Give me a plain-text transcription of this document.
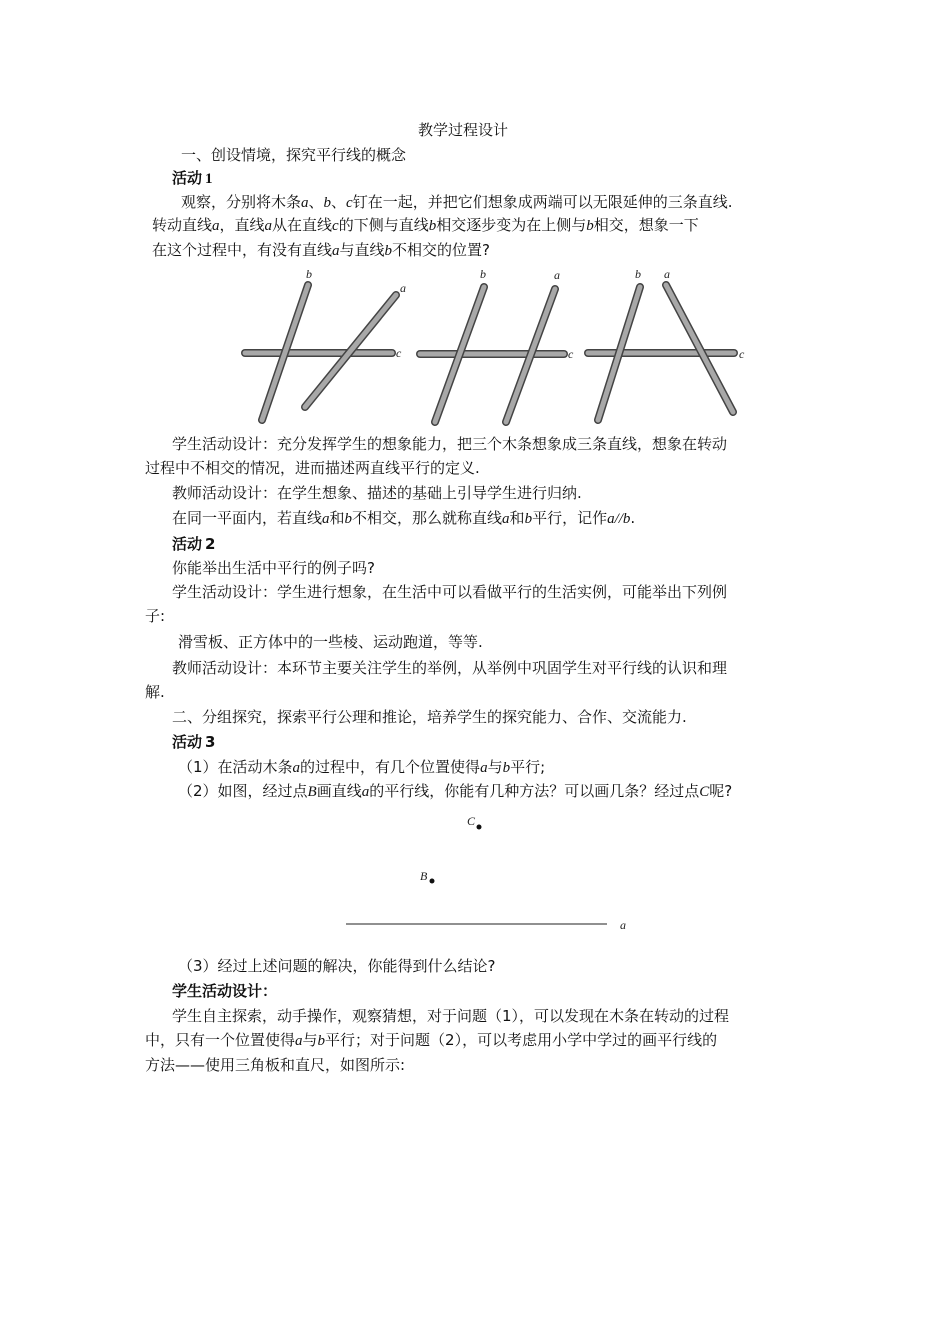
教学过程设计
一、创设情境，探究平行线的概念
活动 1
观察，分别将木条a、b、c钉在一起，并把它们想象成两端可以无限延伸的三条直线.
转动直线a，直线a从在直线c的下侧与直线b相交逐步变为在上侧与b相交，想象一下
在这个过程中，有没有直线a与直线b不相交的位置?
b
a
c
b	a
c
b a
c
学生活动设计：充分发挥学生的想象能力，把三个木条想象成三条直线，想象在转动
过程中不相交的情况，进而描述两直线平行的定义.
教师活动设计：在学生想象、描述的基础上引导学生进行归纳.
在同一平面内，若直线a和b不相交，那么就称直线a和b平行，记作a//b.
活动 2
你能举出生活中平行的例子吗?
学生活动设计：学生进行想象，在生活中可以看做平行的生活实例，可能举出下列例
子:
滑雪板、正方体中的一些棱、运动跑道，等等.
教师活动设计：本环节主要关注学生的举例，从举例中巩固学生对平行线的认识和理
解.
二、分组探究，探索平行公理和推论，培养学生的探究能力、合作、交流能力.
活动 3
（1）在活动木条a的过程中，有几个位置使得a与b平行;
（2）如图，经过点B画直线a的平行线，你能有几种方法？可以画几条？经过点C呢?
C
B
a
（3）经过上述问题的解决，你能得到什么结论?
学生活动设计：
学生自主探索，动手操作，观察猜想，对于问题（1），可以发现在木条在转动的过程
中，只有一个位置使得a与b平行；对于问题（2），可以考虑用小学中学过的画平行线的
方法——使用三角板和直尺，如图所示:
